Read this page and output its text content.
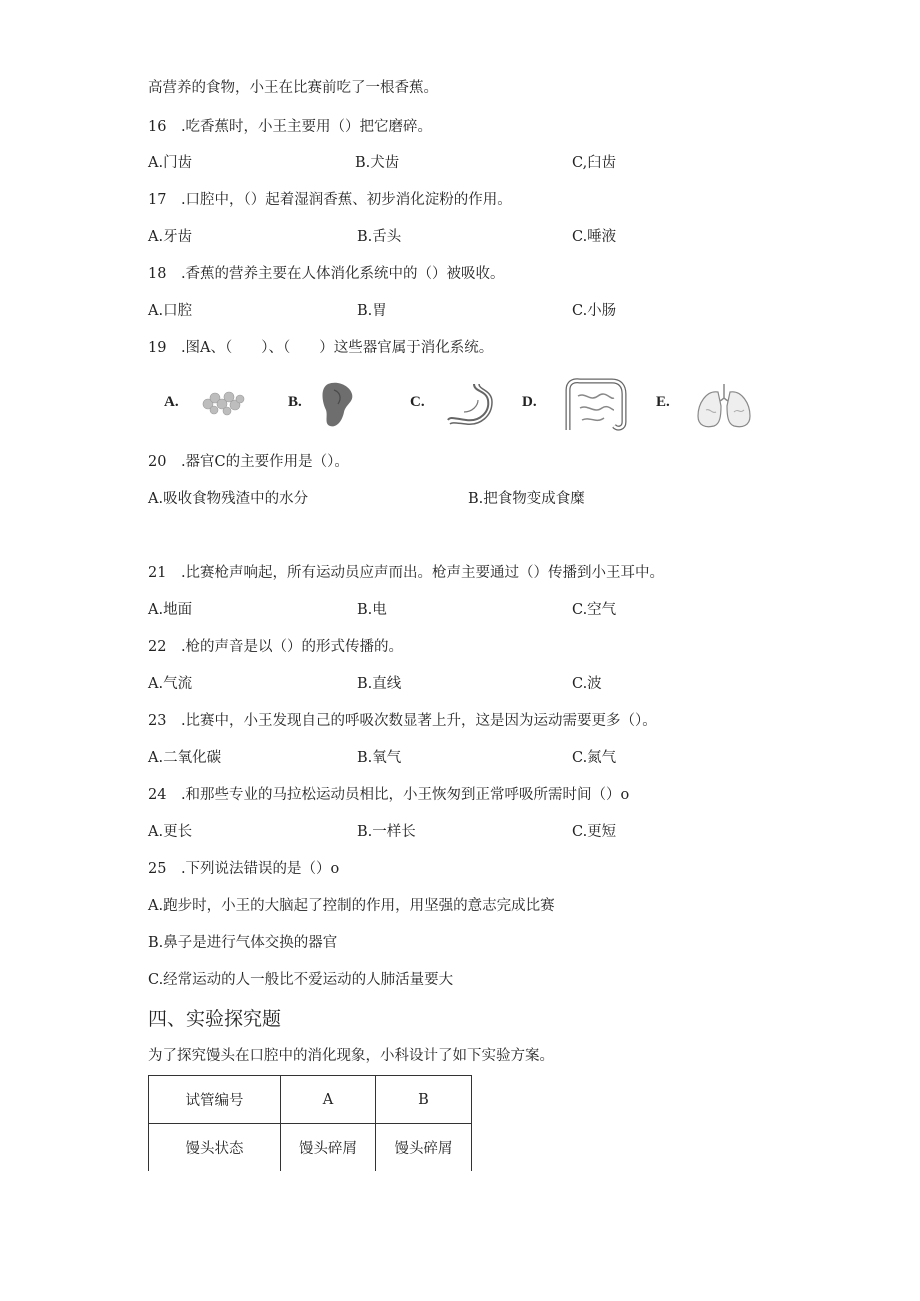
高营养的食物，小王在比赛前吃了一根香蕉。
16　.吃香蕉时，小王主要用（）把它磨碎。
A.门齿	B.犬齿	C,臼齿
17　.口腔中，（）起着湿润香蕉、初步消化淀粉的作用。
A.牙齿	B.舌头	C.唾液
18　.香蕉的营养主要在人体消化系统中的（）被吸收。
A.口腔	B.胃	C.小肠
19　.图A、（　　）、（　　）这些器官属于消化系统。
A.	B.	C.	D.	E.
20　.器官C的主要作用是（）。
A.吸收食物残渣中的水分	B.把食物变成食糜
21　.比赛枪声响起，所有运动员应声而出。枪声主要通过（）传播到小王耳中。
A.地面	B.电	C.空气
22　.枪的声音是以（）的形式传播的。
A.气流	B.直线	C.波
23　.比赛中，小王发现自己的呼吸次数显著上升，这是因为运动需要更多（）。
A.二氧化碳	B.氧气	C.氮气
24　.和那些专业的马拉松运动员相比，小王恢匆到正常呼吸所需时间（）o
A.更长	B.一样长	C.更短
25　.下列说法错误的是（）o
A.跑步时，小王的大脑起了控制的作用，用坚强的意志完成比赛
B.鼻子是进行气体交换的器官
C.经常运动的人一般比不爱运动的人肺活量要大
四、实验探究题
为了探究馒头在口腔中的消化现象，小科设计了如下实验方案。
试管编号	A	B
馒头状态	馒头碎屑	馒头碎屑
